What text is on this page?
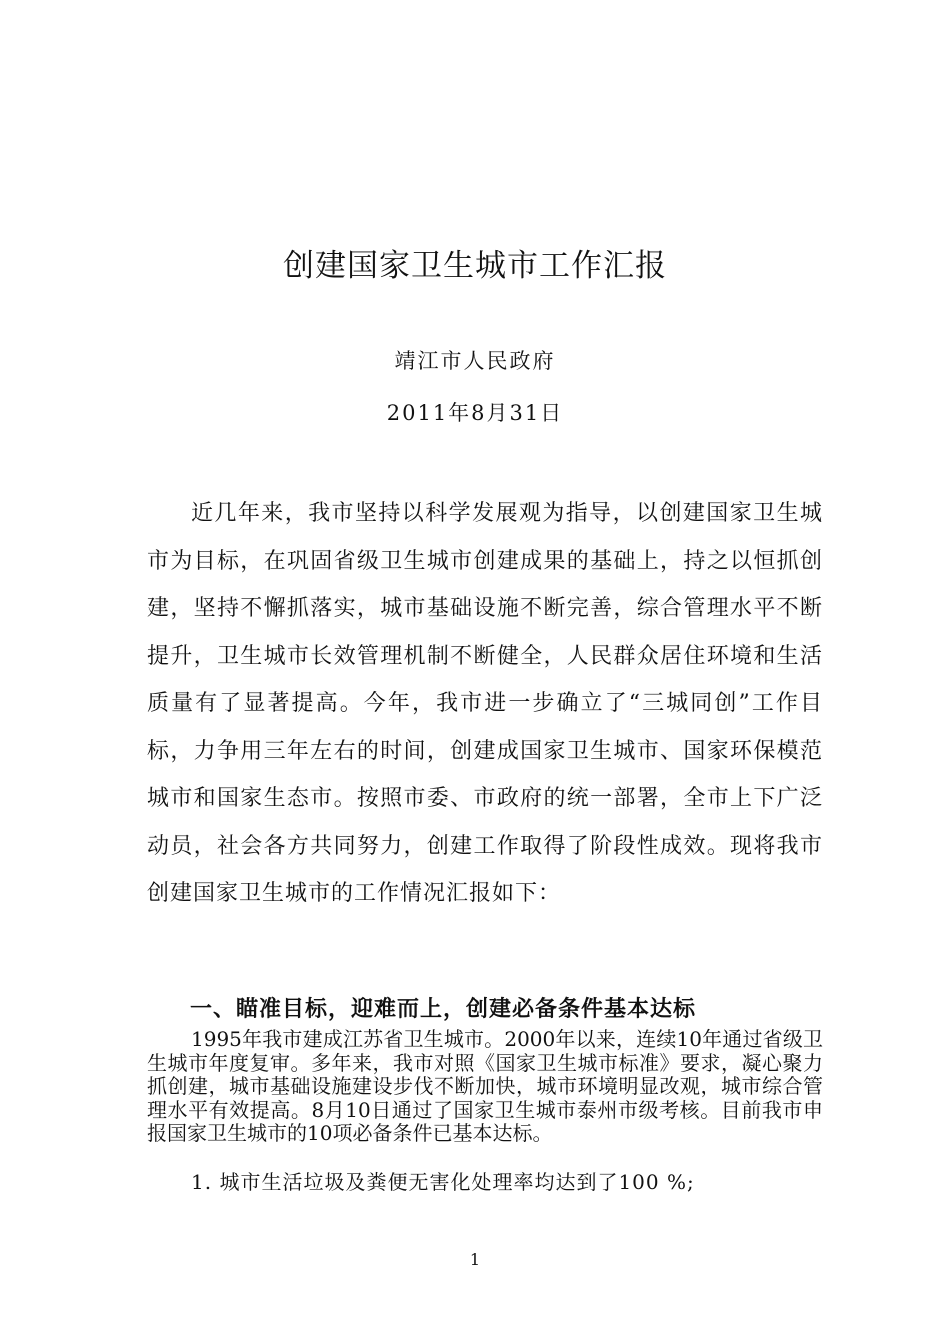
创建国家卫生城市工作汇报
靖江市人民政府
2011年8月31日

近几年来，我市坚持以科学发展观为指导，以创建国家卫生城市为目标，在巩固省级卫生城市创建成果的基础上，持之以恒抓创建，坚持不懈抓落实，城市基础设施不断完善，综合管理水平不断提升，卫生城市长效管理机制不断健全，人民群众居住环境和生活质量有了显著提高。今年，我市进一步确立了“三城同创”工作目标，力争用三年左右的时间，创建成国家卫生城市、国家环保模范城市和国家生态市。按照市委、市政府的统一部署，全市上下广泛动员，社会各方共同努力，创建工作取得了阶段性成效。现将我市创建国家卫生城市的工作情况汇报如下：

一、瞄准目标，迎难而上，创建必备条件基本达标

1995年我市建成江苏省卫生城市。2000年以来，连续10年通过省级卫生城市年度复审。多年来，我市对照《国家卫生城市标准》要求，凝心聚力抓创建，城市基础设施建设步伐不断加快，城市环境明显改观，城市综合管理水平有效提高。8月10日通过了国家卫生城市泰州市级考核。目前我市申报国家卫生城市的10项必备条件已基本达标。

1. 城市生活垃圾及粪便无害化处理率均达到了100 %;

1
